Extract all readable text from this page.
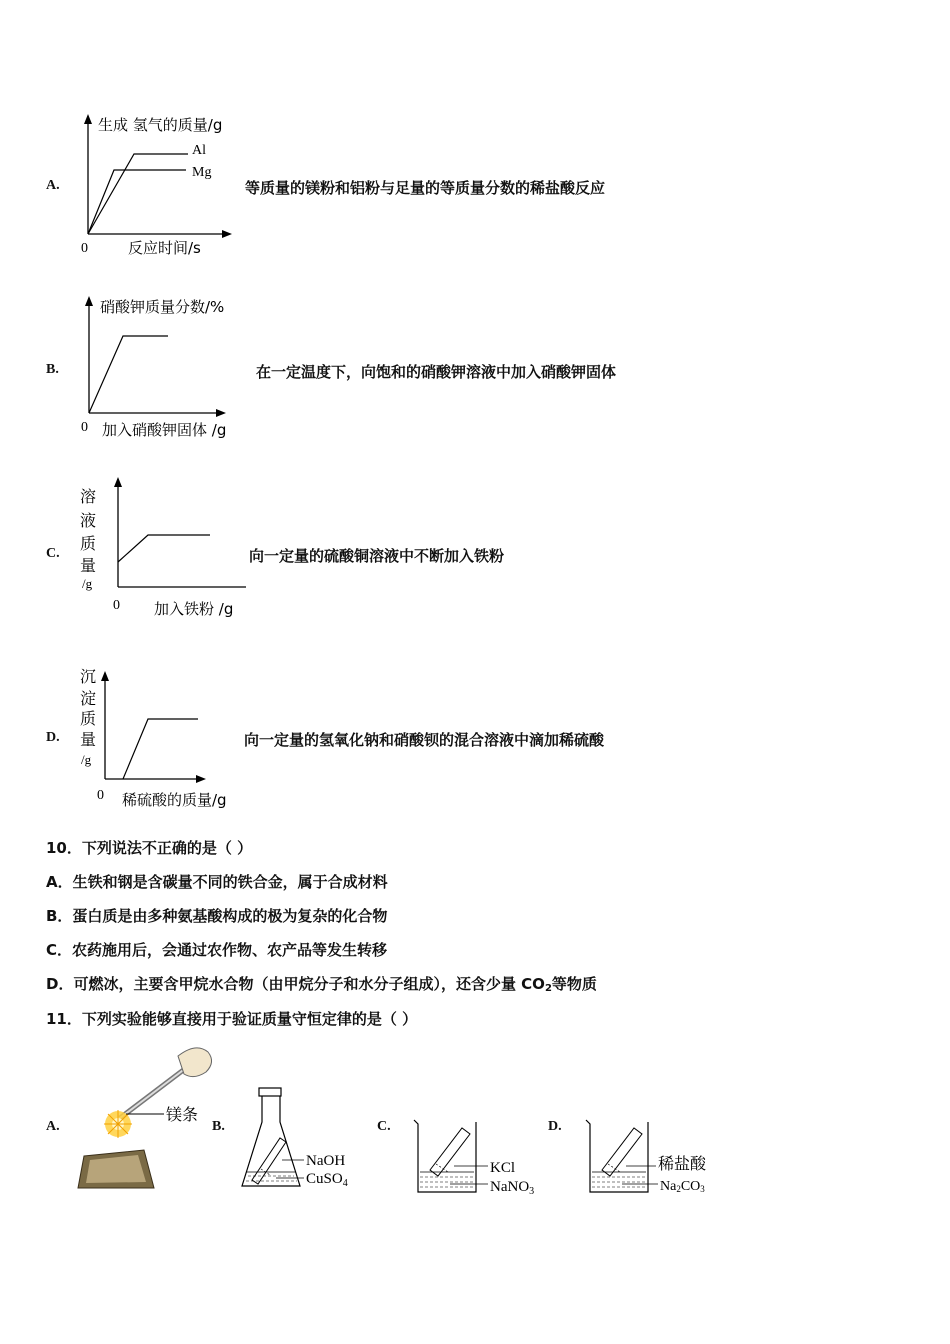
A.
生成 氢气的质量/g
Al
Mg
0	反应时间/s
等质量的镁粉和铝粉与足量的等质量分数的稀盐酸反应
B.
硝酸钾质量分数/%
0 加入硝酸钾固体 /g
在一定温度下，向饱和的硝酸钾溶液中加入硝酸钾固体
C.
溶
液
质
量
/g
0 加入铁粉 /g
向一定量的硫酸铜溶液中不断加入铁粉
D.
沉
淀
质
量
/g
0 稀硫酸的质量/g
向一定量的氢氧化钠和硝酸钡的混合溶液中滴加稀硫酸
10．下列说法不正确的是（ ）
A．生铁和钢是含碳量不同的铁合金，属于合成材料
B．蛋白质是由多种氨基酸构成的极为复杂的化合物
C．农药施用后，会通过农作物、农产品等发生转移
D．可燃冰，主要含甲烷水合物（由甲烷分子和水分子组成），还含少量 $CO_2$等物质
11．下列实验能够直接用于验证质量守恒定律的是（ ）
A.
镁条
B.
NaOH
CuSO$_4$
C.
KCl
NaNO$_3$
D.
稀盐酸
Na2CO3
